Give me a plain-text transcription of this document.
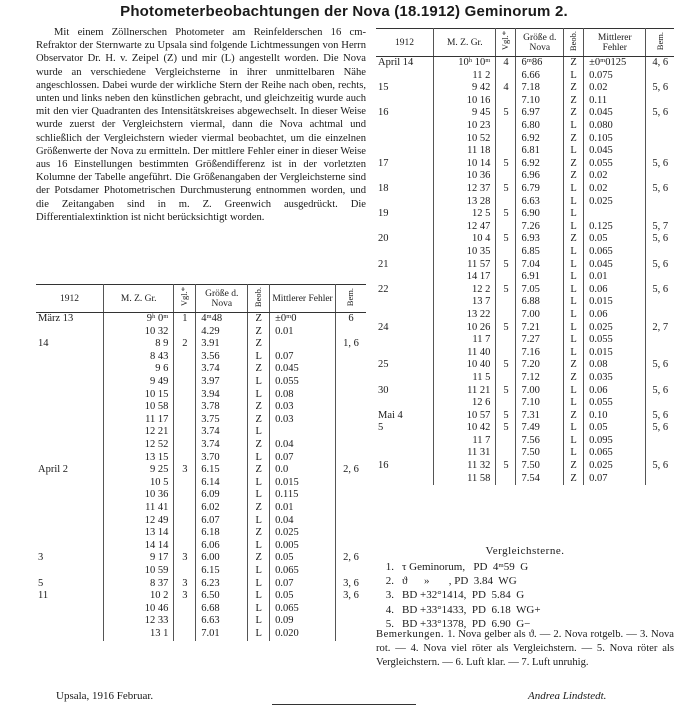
Photometerbeobachtungen der Nova (18.1912) Geminorum 2.

Mit einem Zöllnerschen Photometer am Reinfelderschen 16 cm-Refraktor der Sternwarte zu Upsala sind folgende Lichtmessungen von Herrn Observator Dr. H. v. Zeipel (Z) und mir (L) angestellt worden. Die Nova wurde an verschiedene Vergleichsterne in ihrer unmittelbaren Nähe angeschlossen. Dabei wurde der wirkliche Stern der Reihe nach oben, rechts, unten und links neben den künstlichen gebracht, und gleichzeitig wurde auch mit den vier Quadranten des Intensitätskreises abgewechselt. In dieser Weise wurde zuerst der Vergleichstern viermal, dann die Nova achtmal und schließlich der Vergleichstern wieder viermal beobachtet, um die einzelnen Größenwerte der Nova zu ermitteln. Der mittlere Fehler einer in dieser Weise aus 16 Einstellungen bestimmten Größendifferenz ist in der vorletzten Kolumne der Tabelle angeführt. Die Größenangaben der Vergleichsterne sind der Potsdamer Photometrischen Durchmusterung entnommen worden, und die Zeitangaben sind in m. Z. Greenwich ausgedrückt. Die Differentialextinktion ist nicht berücksichtigt worden.

1912	M. Z. Gr.	Vgl.*	Größe d. Nova	Beob.	Mittlerer Fehler	Bem.
März 13	9ʰ 0ᵐ	1	4ᵐ48	Z	±0ᵐ0	6
	10 32		4.29	Z	0.01	
14	8 9	2	3.91	Z		1, 6
	8 43		3.56	L	0.07	
	9 6		3.74	Z	0.045	
	9 49		3.97	L	0.055	
	10 15		3.94	L	0.08	
	10 58		3.78	Z	0.03	
	11 17		3.75	Z	0.03	
	12 21		3.74	L		
	12 52		3.74	Z	0.04	
	13 15		3.70	L	0.07	
April 2	9 25	3	6.15	Z	0.0	2, 6
	10 5		6.14	L	0.015	
	10 36		6.09	L	0.115	
	11 41		6.02	Z	0.01	
	12 49		6.07	L	0.04	
	13 14		6.18	Z	0.025	
	14 14		6.06	L	0.005	
3	9 17	3	6.00	Z	0.05	2, 6
	10 59		6.15	L	0.065	
5	8 37	3	6.23	L	0.07	3, 6
11	10 2	3	6.50	L	0.05	3, 6
	10 46		6.68	L	0.065	
	12 33		6.63	L	0.09	
	13 1		7.01	L	0.020	
1912	M. Z. Gr.	Vgl.*	Größe d. Nova	Beob.	Mittlerer Fehler	Bem.
April 14	10ʰ 10ᵐ	4	6ᵐ86	Z	±0ᵐ0125	4, 6
	11 2		6.66	L	0.075	
15	9 42	4	7.18	Z	0.02	5, 6
	10 16		7.10	Z	0.11	
16	9 45	5	6.97	Z	0.045	5, 6
	10 23		6.80	L	0.080	
	10 52		6.92	Z	0.105	
	11 18		6.81	L	0.045	
17	10 14	5	6.92	Z	0.055	5, 6
	10 36		6.96	Z	0.02	
18	12 37	5	6.79	L	0.02	5, 6
	13 28		6.63	L	0.025	
19	12 5	5	6.90	L		
	12 47		7.26	L	0.125	5, 7
20	10 4	5	6.93	Z	0.05	5, 6
	10 35		6.85	L	0.065	
21	11 57	5	7.04	L	0.045	5, 6
	14 17		6.91	L	0.01	
22	12 2	5	7.05	L	0.06	5, 6
	13 7		6.88	L	0.015	
	13 22		7.00	L	0.06	
24	10 26	5	7.21	L	0.025	2, 7
	11 7		7.27	L	0.055	
	11 40		7.16	L	0.015	
25	10 40	5	7.20	Z	0.08	5, 6
	11 5		7.12	Z	0.035	
30	11 21	5	7.00	L	0.06	5, 6
	12 6		7.10	L	0.055	
Mai 4	10 57	5	7.31	Z	0.10	5, 6
5	10 42	5	7.49	L	0.05	5, 6
	11 7		7.56	L	0.095	
	11 31		7.50	L	0.065	
16	11 32	5	7.50	Z	0.025	5, 6
	11 58		7.54	Z	0.07	
Vergleichsterne.
1. τ Geminorum,   PD  4ᵐ59  G
2. ϑ      »       , PD  3.84  WG
3. BD +32°1414,  PD  5.84  G
4. BD +33°1433,  PD  6.18  WG+
5. BD +33°1378,  PD  6.90  G−
Bemerkungen. 1. Nova gelber als ϑ. — 2. Nova rotgelb. — 3. Nova rot. — 4. Nova viel röter als Vergleichstern. — 5. Nova röter als Vergleichstern. — 6. Luft klar. — 7. Luft unruhig.
Upsala, 1916 Februar.	Andrea Lindstedt.
